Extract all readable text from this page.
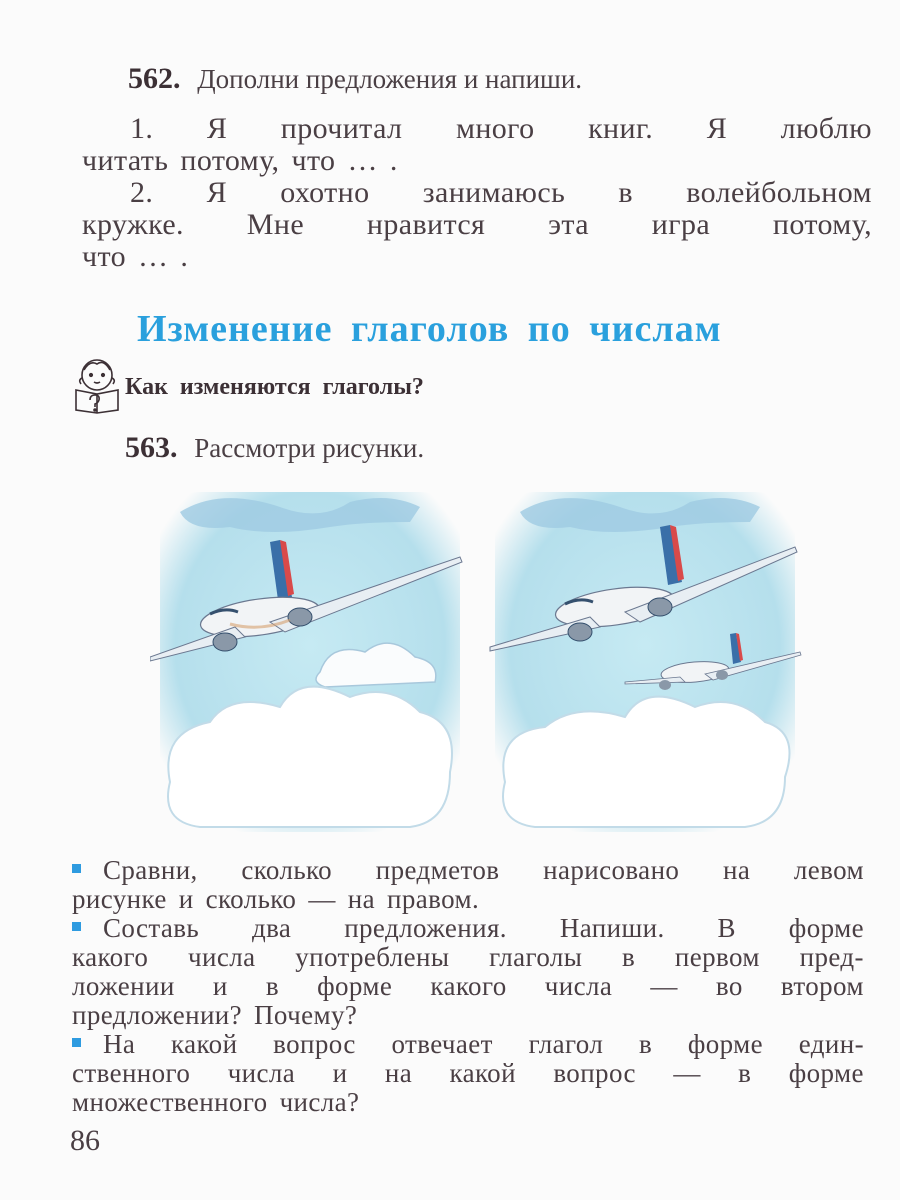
562. Дополни предложения и напиши.
1. Я прочитал много книг. Я люблю
читать потому, что … .
2. Я охотно занимаюсь в волейбольном
кружке. Мне нравится эта игра потому,
что … .
Изменение глаголов по числам
Как изменяются глаголы?
563. Рассмотри рисунки.
Сравни, сколько предметов нарисовано на левом
рисунке и сколько — на правом.
Составь два предложения. Напиши. В форме
какого числа употреблены глаголы в первом пред-
ложении и в форме какого числа — во втором
предложении? Почему?
На какой вопрос отвечает глагол в форме един-
ственного числа и на какой вопрос — в форме
множественного числа?
86
